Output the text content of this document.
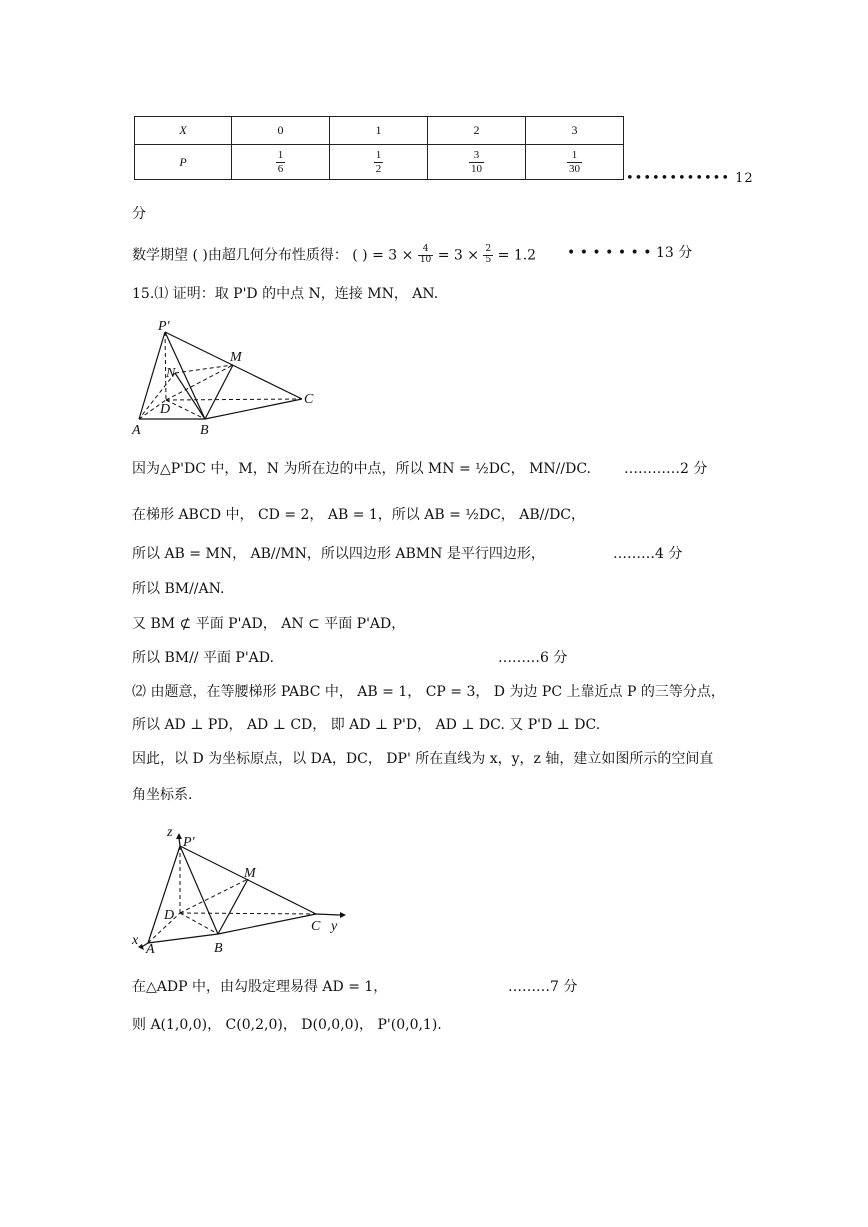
X	0	1	2	3
P	$\frac{1}{6}$	$\frac{1}{2}$	$\frac{3}{10}$	$\frac{1}{30}$
•••••••••••• 12
分
数学期望 ( )由超几何分布性质得： ( ) = $3 \times \frac{4}{10} = 3 \times \frac{2}{5} = 1.2$ • • • • • • • 13 分
15.⑴ 证明：取 P'D 的中点 N，连接 MN， AN.
P'
M
N
D
C
A	B
因为△P'DC 中，M，N 为所在边的中点，所以 MN = ½DC， MN//DC. …………2 分
在梯形 ABCD 中， CD = 2， AB = 1，所以 AB = ½DC， AB//DC，
所以 AB = MN， AB//MN，所以四边形 ABMN 是平行四边形，	………4 分
所以 BM//AN.
又 BM ⊄ 平面 P'AD， AN ⊂ 平面 P'AD，
所以 BM// 平面 P'AD.	………6 分
⑵ 由题意，在等腰梯形 PABC 中， AB = 1， CP = 3， D 为边 PC 上靠近点 P 的三等分点，
所以 AD ⊥ PD， AD ⊥ CD， 即 AD ⊥ P'D， AD ⊥ DC. 又 P'D ⊥ DC.
因此，以 D 为坐标原点，以 DA，DC， DP' 所在直线为 x，y，z 轴，建立如图所示的空间直
角坐标系.
z
P'
M
D
C y
x
A	B
在△ADP 中，由勾股定理易得 AD = 1，	………7 分
则 A(1,0,0)， C(0,2,0)， D(0,0,0)， P'(0,0,1).
